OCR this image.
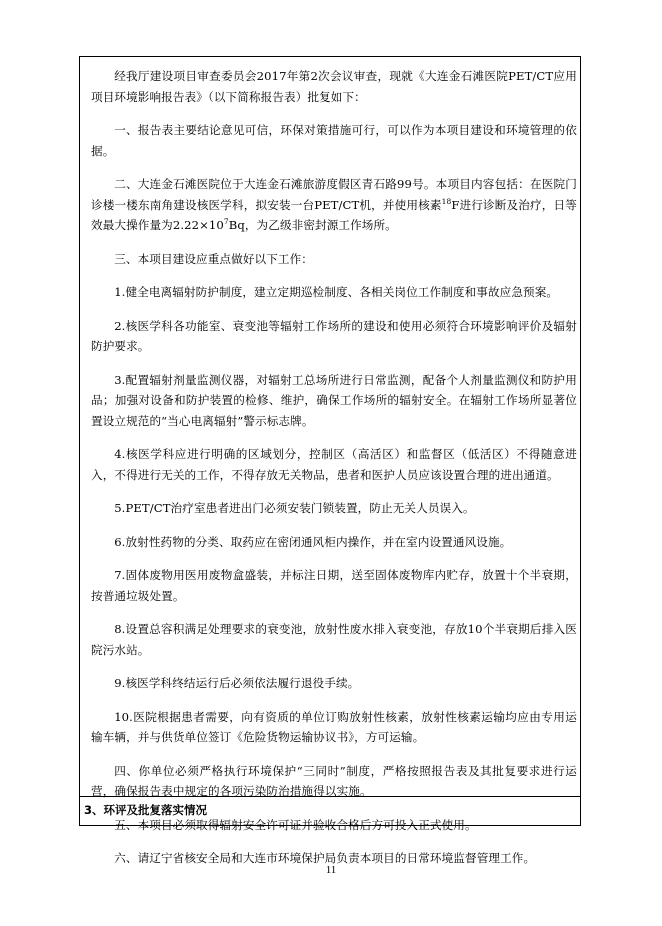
经我厅建设项目审查委员会2017年第2次会议审查，现就《大连金石滩医院PET/CT应用项目环境影响报告表》（以下简称报告表）批复如下：

一、报告表主要结论意见可信，环保对策措施可行，可以作为本项目建设和环境管理的依据。

二、大连金石滩医院位于大连金石滩旅游度假区青石路99号。本项目内容包括：在医院门诊楼一楼东南角建设核医学科，拟安装一台PET/CT机，并使用核素$^{18}$F进行诊断及治疗，日等效最大操作量为$2.22\times 10^7Bq$，为乙级非密封源工作场所。

三、本项目建设应重点做好以下工作：

1.健全电离辐射防护制度，建立定期巡检制度、各相关岗位工作制度和事故应急预案。

2.核医学科各功能室、衰变池等辐射工作场所的建设和使用必须符合环境影响评价及辐射防护要求。

3.配置辐射剂量监测仪器，对辐射工总场所进行日常监测，配备个人剂量监测仪和防护用品；加强对设备和防护装置的检修、维护，确保工作场所的辐射安全。在辐射工作场所显著位置设立规范的“当心电离辐射”警示标志牌。

4.核医学科应进行明确的区域划分，控制区（高活区）和监督区（低活区）不得随意进入，不得进行无关的工作，不得存放无关物品，患者和医护人员应该设置合理的进出通道。

5.PET/CT治疗室患者进出门必须安装门锁装置，防止无关人员误入。

6.放射性药物的分类、取药应在密闭通风柜内操作，并在室内设置通风设施。

7.固体废物用医用废物盒盛装，并标注日期，送至固体废物库内贮存，放置十个半衰期，按普通垃圾处置。

8.设置总容积满足处理要求的衰变池，放射性废水排入衰变池，存放10个半衰期后排入医院污水站。

9.核医学科终结运行后必须依法履行退役手续。

10.医院根据患者需要，向有资质的单位订购放射性核素，放射性核素运输均应由专用运输车辆，并与供货单位签订《危险货物运输协议书》，方可运输。

四、你单位必须严格执行环境保护“三同时”制度，严格按照报告表及其批复要求进行运营，确保报告表中规定的各项污染防治措施得以实施。

五、本项目必须取得辐射安全许可证并验收合格后方可投入正式使用。

六、请辽宁省核安全局和大连市环境保护局负责本项目的日常环境监督管理工作。

3、环评及批复落实情况
11
